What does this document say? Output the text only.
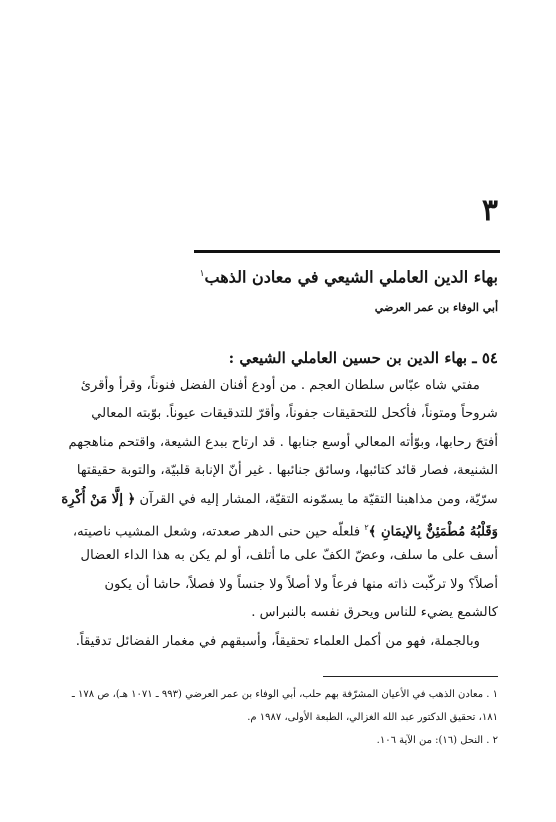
٣
بهاء الدين العاملي الشيعي في معادن الذهب$^١$
أبي الوفاء بن عمر العرضي
٥٤ ـ بهاء الدين بن حسين العاملي الشيعي :
مفتي شاه عبّاس سلطان العجم . من أودع أفنان الفضل فنوناً، وقرأ وأقرئ
شروحاً ومتوناً، فأكحل للتحقيقات جفوناً، وأقرّ للتدقيقات عيوناً. بوّبته المعالي
أفتحَ رحابها، وبوّأته المعالي أوسع جنابها . قد ارتاح ببدع الشيعة، واقتحم مناهجهم
الشنيعة، فصار قائد كتائبها، وسائق جنائبها . غير أنّ الإنابة قلبيّة، والتوبة حقيقتها
سرّيّة، ومن مذاهبنا التقيّة ما يسمّونه التقيّة، المشار إليه في القرآن ﴿ إلَّا مَنْ أُكْرِهَ
وَقَلْبُهُ مُطْمَئِنٌّ بِالإيمَانِ ﴾$^٢$ فلعلّه حين حنى الدهر صعدته، وشعل المشيب ناصيته،
أسف على ما سلف، وعضّ الكفّ على ما أتلف، أو لم يكن به هذا الداء العضال
أصلاً؟ ولا تركّبت ذاته منها فرعاً ولا أصلاً ولا جنساً ولا فصلاً، حاشا أن يكون
كالشمع يضيء للناس ويحرق نفسه بالنبراس .
وبالجملة، فهو من أكمل العلماء تحقيقاً، وأسبقهم في مغمار الفضائل تدقيقاً.
١ . معادن الذهب في الأعيان المشرّفة بهم حلب، أبي الوفاء بن عمر العرضي (٩٩٣ ـ ١٠٧١ هـ)، ص ١٧٨ ـ
١٨١، تحقيق الدكتور عبد الله الغزالي، الطبعة الأولى، ١٩٨٧ م.
٢ . النحل (١٦): من الآية ١٠٦.
